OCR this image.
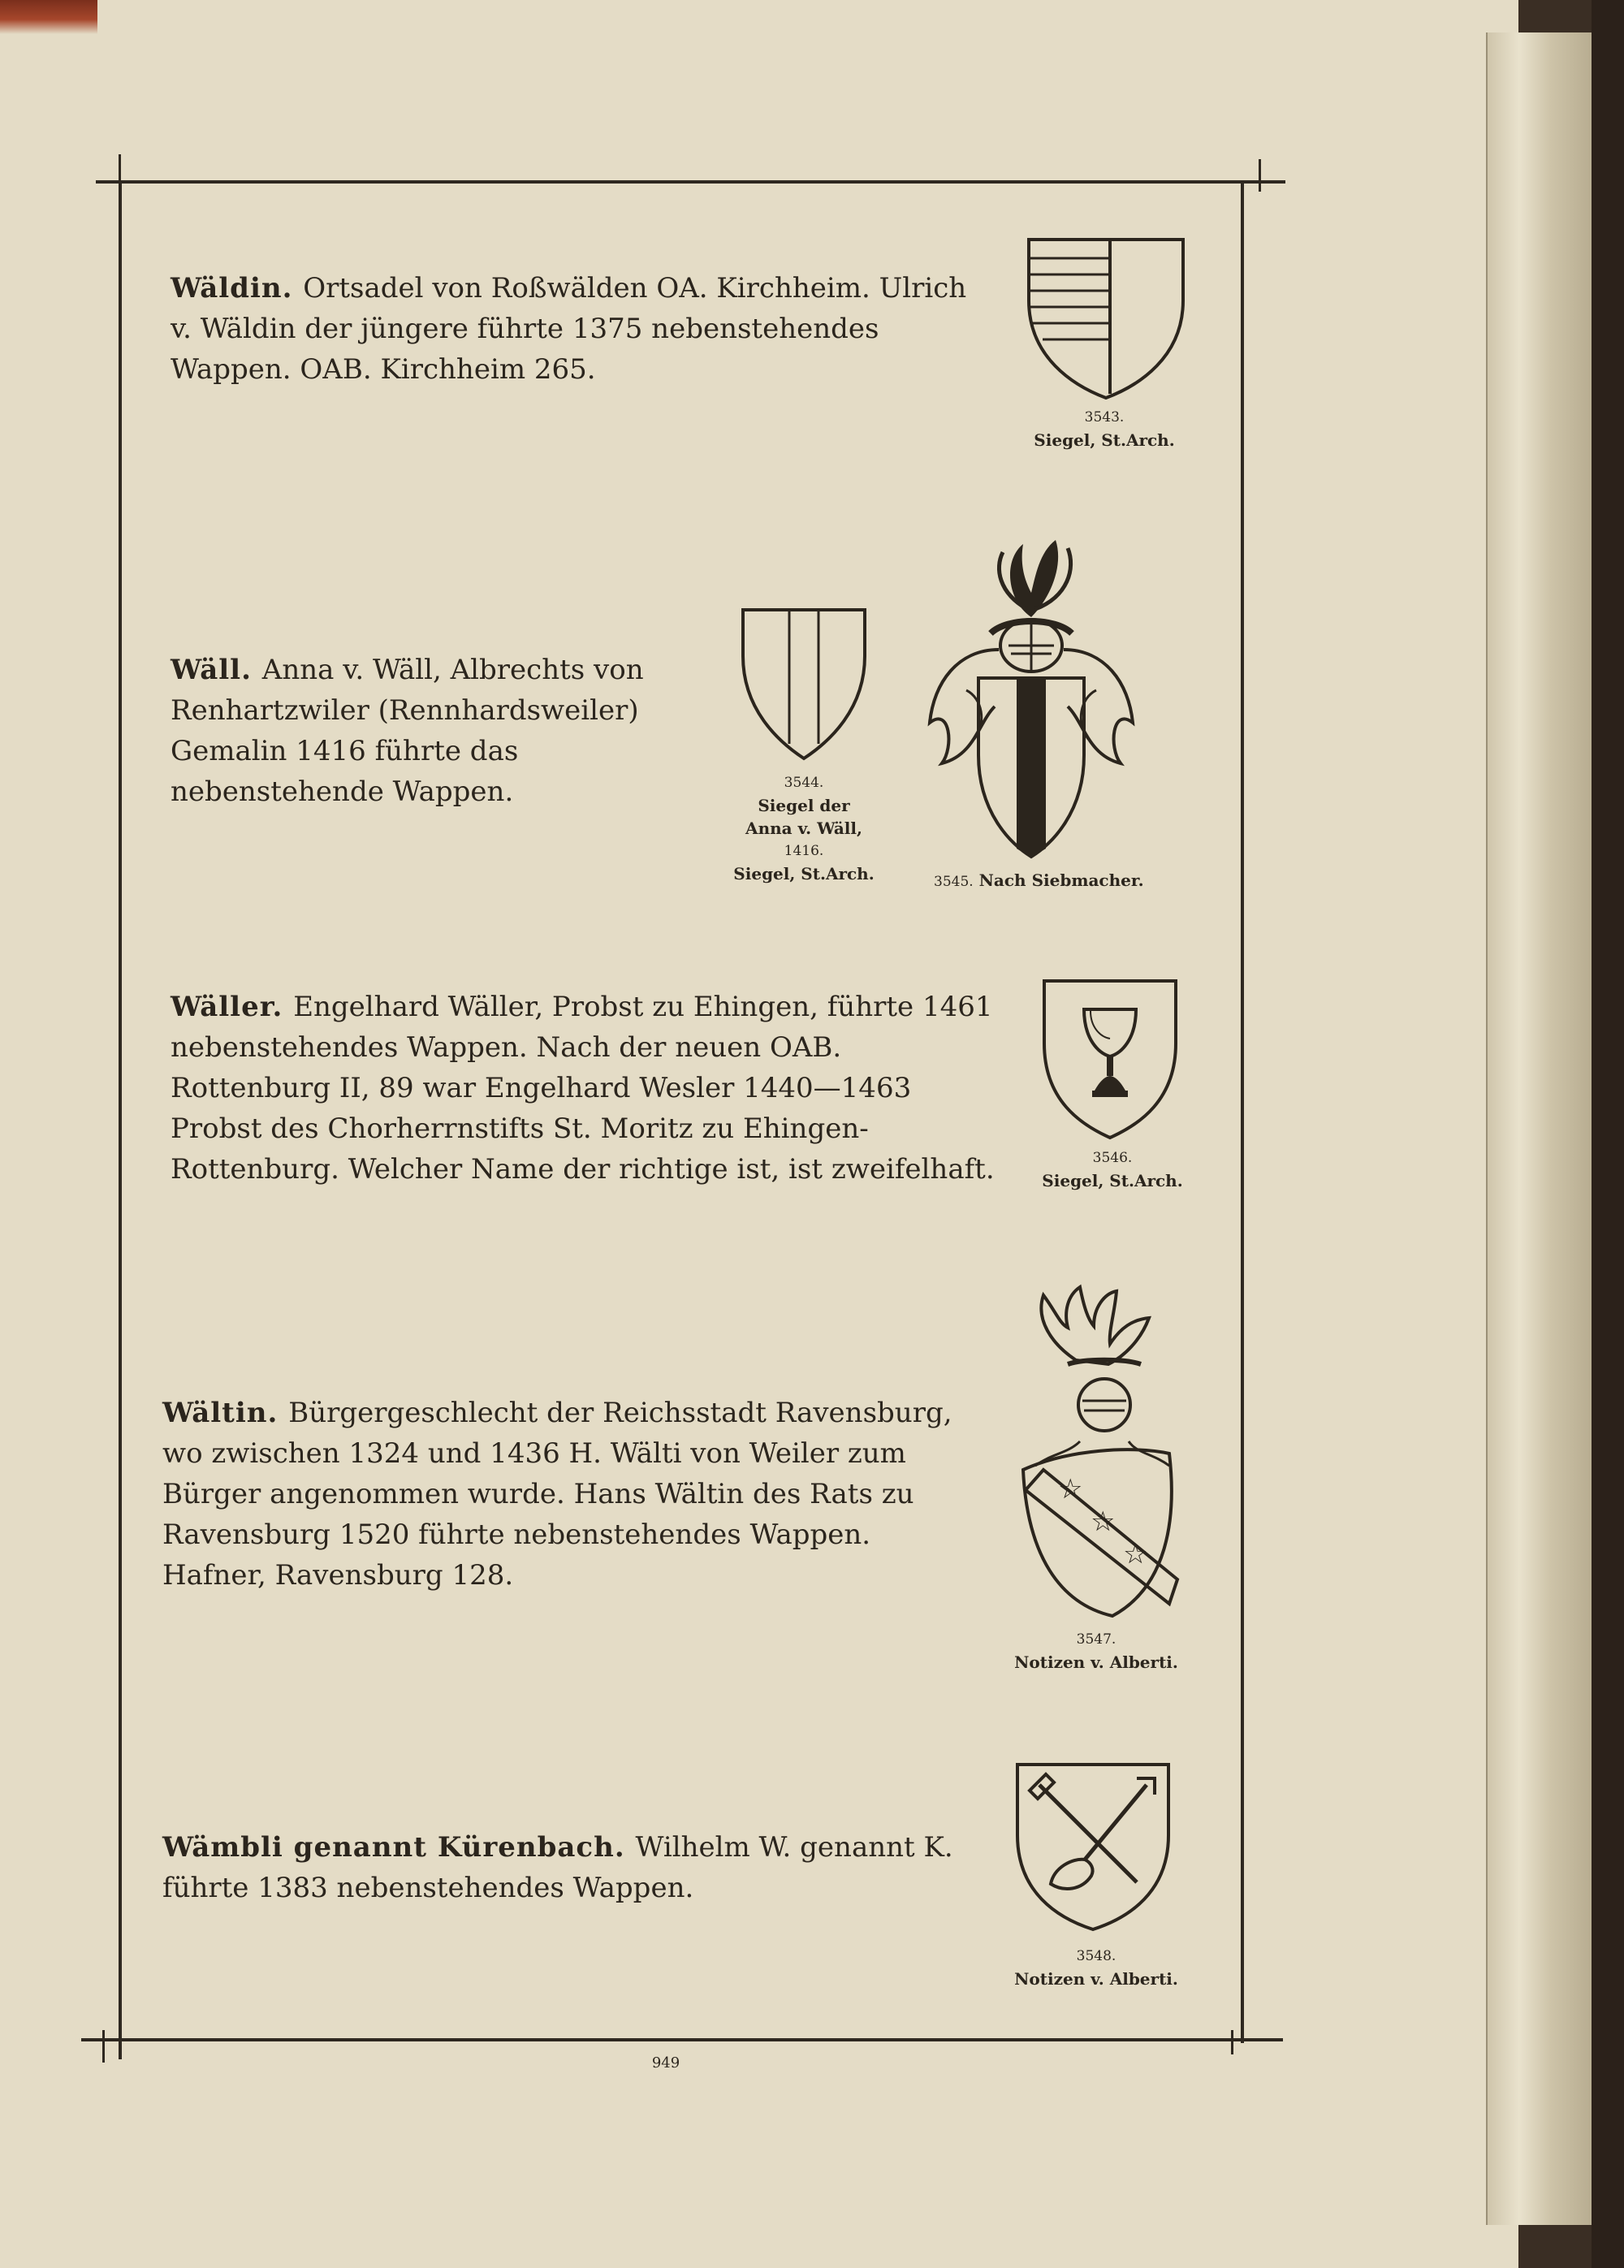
Wäldin. Ortsadel von Roßwälden OA. Kirchheim. Ulrich v. Wäldin der jüngere führte 1375 nebenstehendes Wappen. OAB. Kirchheim 265.
3543.
Siegel, St.Arch.
Wäll. Anna v. Wäll, Albrechts von Renhartzwiler (Rennhardsweiler) Gemalin 1416 führte das nebenstehende Wappen.	3544.
Siegel der
Anna v. Wäll,
1416.
Siegel, St.Arch.	3545. Nach Siebmacher.
Wäller. Engelhard Wäller, Probst zu Ehingen, führte 1461 nebenstehendes Wappen. Nach der neuen OAB. Rottenburg II, 89 war Engelhard Wesler 1440—1463 Probst des Chorherrnstifts St. Moritz zu Ehingen-Rottenburg. Welcher Name der richtige ist, ist zweifelhaft.	3546.
Siegel, St.Arch.
Wältin. Bürgergeschlecht der Reichsstadt Ravensburg, wo zwischen 1324 und 1436 H. Wälti von Weiler zum Bürger angenommen wurde. Hans Wältin des Rats zu Ravensburg 1520 führte nebenstehendes Wappen. Hafner, Ravensburg 128.
☆
☆
☆
3547.
Notizen v. Alberti.
Wämbli genannt Kürenbach. Wilhelm W. genannt K. führte 1383 nebenstehendes Wappen.
3548.
Notizen v. Alberti.
949
